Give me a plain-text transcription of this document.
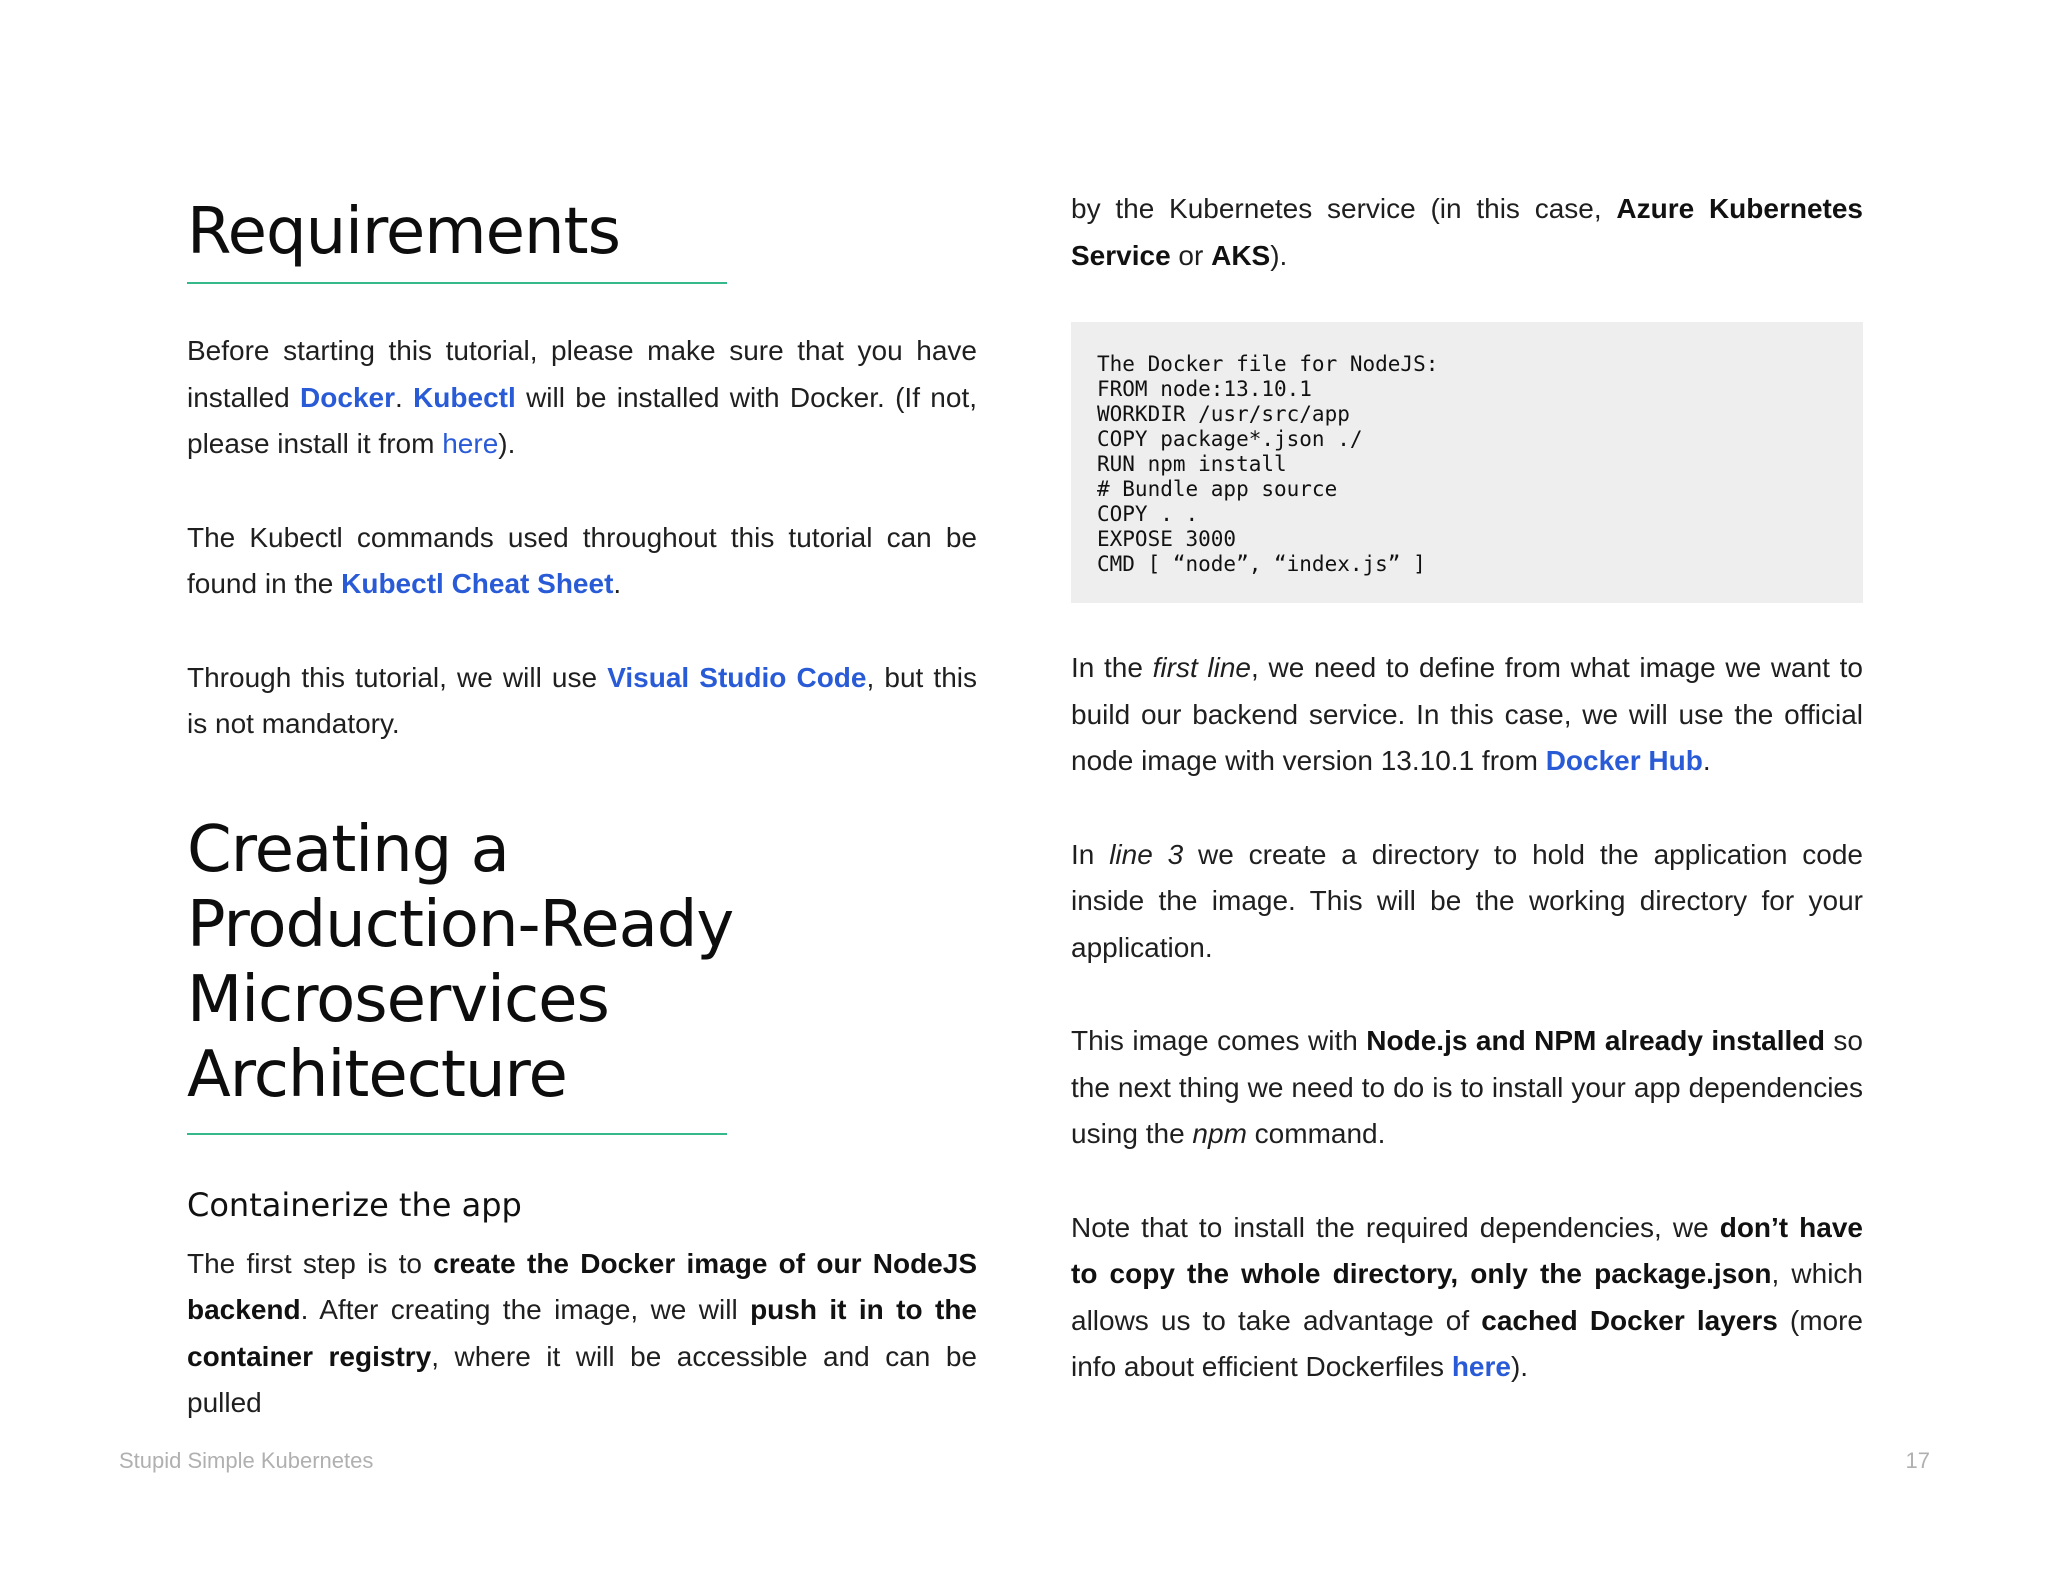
Requirements

Before starting this tutorial, please make sure that you have installed Docker. Kubectl will be installed with Docker. (If not, please install it from here).

The Kubectl commands used throughout this tutorial can be found in the Kubectl Cheat Sheet.

Through this tutorial, we will use Visual Studio Code, but this is not mandatory.

Creating a
Production-Ready
Microservices
Architecture
Containerize the app

The first step is to create the Docker image of our NodeJS backend. After creating the image, we will push it in to the container registry, where it will be accessible and can be pulled

by the Kubernetes service (in this case, Azure Kubernetes Service or AKS).

The Docker file for NodeJS:
FROM node:13.10.1
WORKDIR /usr/src/app
COPY package*.json ./
RUN npm install
# Bundle app source
COPY . .
EXPOSE 3000
CMD [ “node”, “index.js” ]

In the first line, we need to define from what image we want to build our backend service. In this case, we will use the official node image with version 13.10.1 from Docker Hub.

In line 3 we create a directory to hold the application code inside the image. This will be the working directory for your application.

This image comes with Node.js and NPM already installed so the next thing we need to do is to install your app dependencies using the npm command.

Note that to install the required dependencies, we don’t have to copy the whole directory, only the package.json, which allows us to take advantage of cached Docker layers (more info about efficient Dockerfiles here).

Stupid Simple Kubernetes	17
